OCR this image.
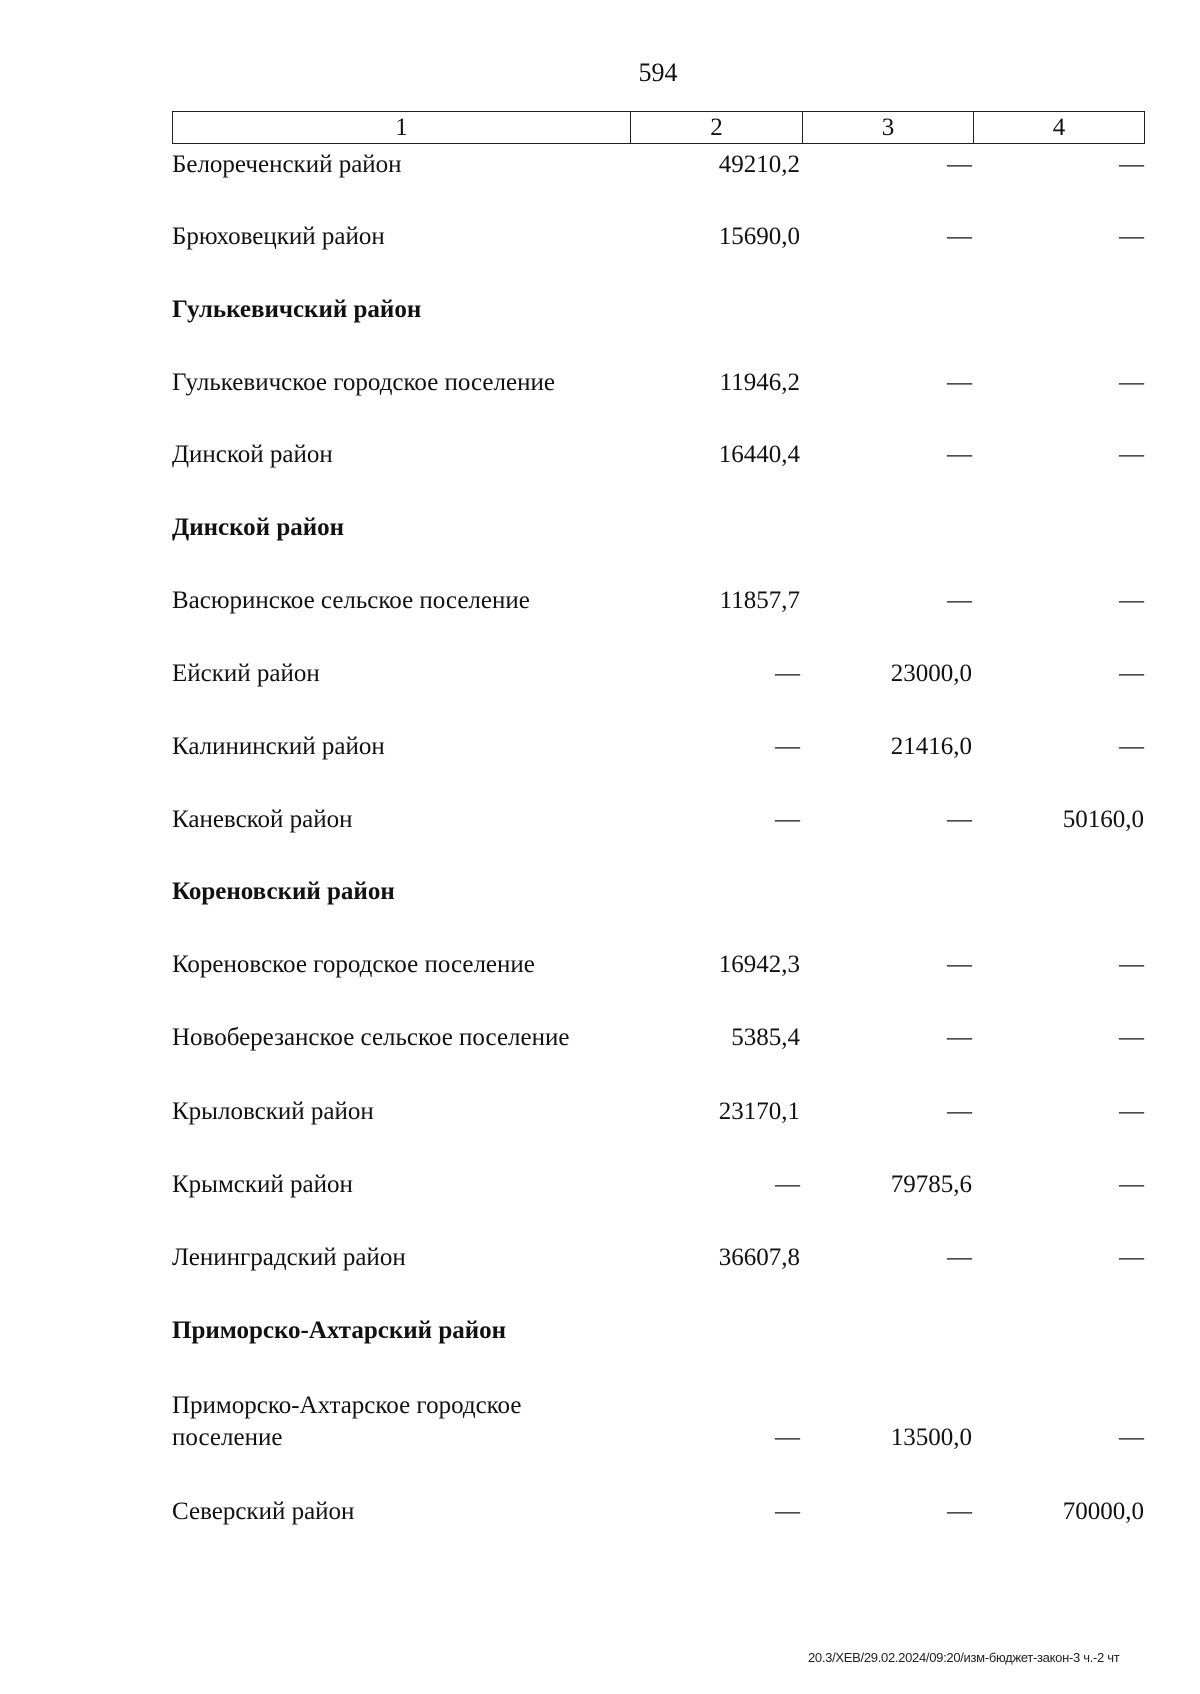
594
1	2	3	4
Белореченский район	49210,2	—	—
Брюховецкий район	15690,0	—	—
Гулькевичский район
Гулькевичское городское поселение	11946,2	—	—
Динской район	16440,4	—	—
Динской район
Васюринское сельское поселение	11857,7	—	—
Ейский район	—	23000,0	—
Калининский район	—	21416,0	—
Каневской район	—	—	50160,0
Кореновский район
Кореновское городское поселение	16942,3	—	—
Новоберезанское сельское поселение	5385,4	—	—
Крыловский район	23170,1	—	—
Крымский район	—	79785,6	—
Ленинградский район	36607,8	—	—
Приморско-Ахтарский район
Приморско-Ахтарское городское поселение	—	13500,0	—
Северский район	—	—	70000,0
20.3/ХЕВ/29.02.2024/09:20/изм-бюджет-закон-3 ч.-2 чт
